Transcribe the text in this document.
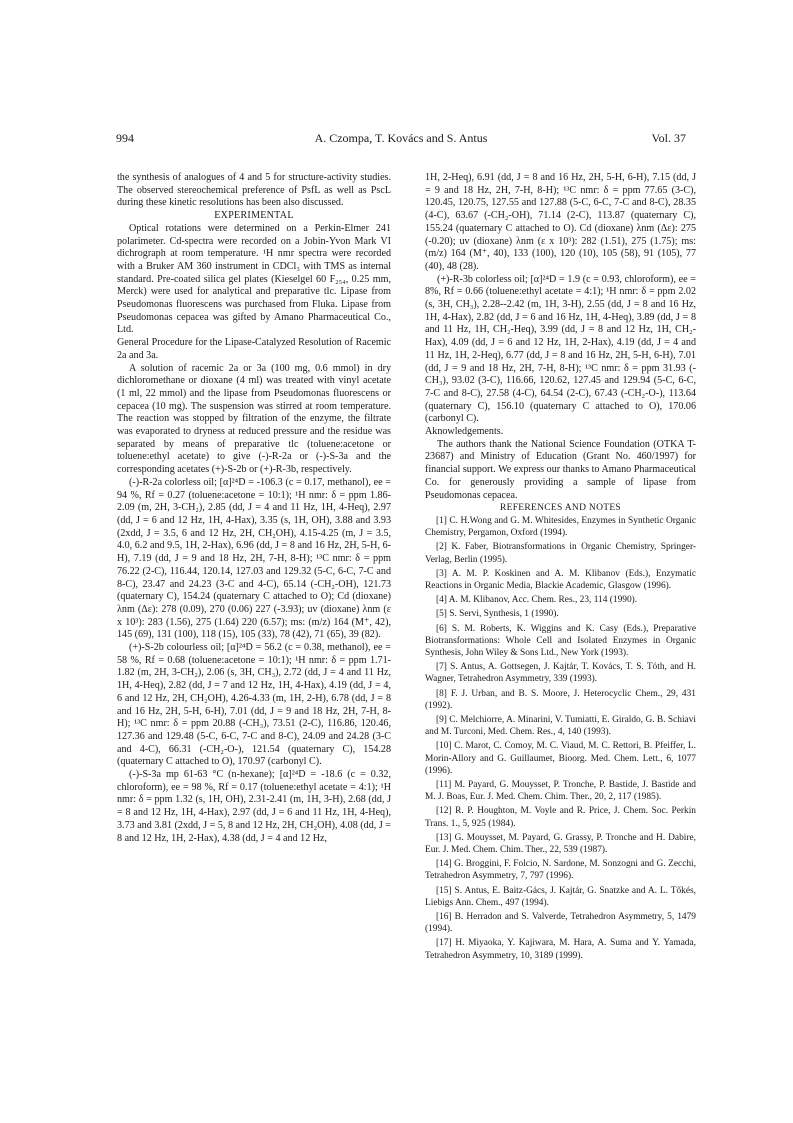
994	A. Czompa, T. Kovács and S. Antus	Vol. 37

the synthesis of analogues of 4 and 5 for structure-activity studies. The observed stereochemical preference of PsfL as well as PscL during these kinetic resolutions has been also discussed.

EXPERIMENTAL

Optical rotations were determined on a Perkin-Elmer 241 polarimeter. Cd-spectra were recorded on a Jobin-Yvon Mark VI dichrograph at room temperature. ¹H nmr spectra were recorded with a Bruker AM 360 instrument in CDCl₃ with TMS as internal standard. Pre-coated silica gel plates (Kieselgel 60 F₂₅₄, 0.25 mm, Merck) were used for analytical and preparative tlc. Lipase from Pseudomonas fluorescens was purchased from Fluka. Lipase from Pseudomonas cepacea was gifted by Amano Pharmaceutical Co., Ltd.

General Procedure for the Lipase-Catalyzed Resolution of Racemic 2a and 3a.

A solution of racemic 2a or 3a (100 mg, 0.6 mmol) in dry dichloromethane or dioxane (4 ml) was treated with vinyl acetate (1 ml, 22 mmol) and the lipase from Pseudomonas fluorescens or cepacea (10 mg). The suspension was stirred at room temperature. The reaction was stopped by filtration of the enzyme, the filtrate was evaporated to dryness at reduced pressure and the residue was separated by means of preparative tlc (toluene:acetone or toluene:ethyl acetate) to give (-)-R-2a or (-)-S-3a and the corresponding acetates (+)-S-2b or (+)-R-3b, respectively.

(-)-R-2a colorless oil; [α]²⁴D = -106.3 (c = 0.17, methanol), ee = 94 %, Rf = 0.27 (toluene:acetone = 10:1); ¹H nmr: δ = ppm 1.86-2.09 (m, 2H, 3-CH₂), 2.85 (dd, J = 4 and 11 Hz, 1H, 4-Heq), 2.97 (dd, J = 6 and 12 Hz, 1H, 4-Hax), 3.35 (s, 1H, OH), 3.88 and 3.93 (2xdd, J = 3.5, 6 and 12 Hz, 2H, CH₂OH), 4.15-4.25 (m, J = 3.5, 4.0, 6.2 and 9.5, 1H, 2-Hax), 6.96 (dd, J = 8 and 16 Hz, 2H, 5-H, 6-H), 7.19 (dd, J = 9 and 18 Hz, 2H, 7-H, 8-H); ¹³C nmr: δ = ppm 76.22 (2-C), 116.44, 120.14, 127.03 and 129.32 (5-C, 6-C, 7-C and 8-C), 23.47 and 24.23 (3-C and 4-C), 65.14 (-CH₂-OH), 121.73 (quaternary C), 154.24 (quaternary C attached to O); Cd (dioxane) λnm (Δε): 278 (0.09), 270 (0.06) 227 (-3.93); uv (dioxane) λnm (ε x 10³): 283 (1.56), 275 (1.64) 220 (6.57); ms: (m/z) 164 (M⁺, 42), 145 (69), 131 (100), 118 (15), 105 (33), 78 (42), 71 (65), 39 (82).

(+)-S-2b colourless oil; [α]²⁴D = 56.2 (c = 0.38, methanol), ee = 58 %, Rf = 0.68 (toluene:acetone = 10:1); ¹H nmr: δ = ppm 1.71-1.82 (m, 2H, 3-CH₂), 2.06 (s, 3H, CH₃), 2.72 (dd, J = 4 and 11 Hz, 1H, 4-Heq), 2.82 (dd, J = 7 and 12 Hz, 1H, 4-Hax), 4.19 (dd, J = 4, 6 and 12 Hz, 2H, CH₂OH), 4.26-4.33 (m, 1H, 2-H), 6.78 (dd, J = 8 and 16 Hz, 2H, 5-H, 6-H), 7.01 (dd, J = 9 and 18 Hz, 2H, 7-H, 8-H); ¹³C nmr: δ = ppm 20.88 (-CH₃), 73.51 (2-C), 116.86, 120.46, 127.36 and 129.48 (5-C, 6-C, 7-C and 8-C), 24.09 and 24.28 (3-C and 4-C), 66.31 (-CH₂-O-), 121.54 (quaternary C), 154.28 (quaternary C attached to O), 170.97 (carbonyl C).

(-)-S-3a mp 61-63 °C (n-hexane); [α]²⁴D = -18.6 (c = 0.32, chloroform), ee = 98 %, Rf = 0.17 (toluene:ethyl acetate = 4:1); ¹H nmr: δ = ppm 1.32 (s, 1H, OH), 2.31-2.41 (m, 1H, 3-H), 2.68 (dd, J = 8 and 12 Hz, 1H, 4-Hax), 2.97 (dd, J = 6 and 11 Hz, 1H, 4-Heq), 3.73 and 3.81 (2xdd, J = 5, 8 and 12 Hz, 2H, CH₂OH), 4.08 (dd, J = 8 and 12 Hz, 1H, 2-Hax), 4.38 (dd, J = 4 and 12 Hz,

1H, 2-Heq), 6.91 (dd, J = 8 and 16 Hz, 2H, 5-H, 6-H), 7.15 (dd, J = 9 and 18 Hz, 2H, 7-H, 8-H); ¹³C nmr: δ = ppm 77.65 (3-C), 120.45, 120.75, 127.55 and 127.88 (5-C, 6-C, 7-C and 8-C), 28.35 (4-C), 63.67 (-CH₂-OH), 71.14 (2-C), 113.87 (quaternary C), 155.24 (quaternary C attached to O). Cd (dioxane) λnm (Δε): 275 (-0.20); uv (dioxane) λnm (ε x 10³): 282 (1.51), 275 (1.75); ms: (m/z) 164 (M⁺, 40), 133 (100), 120 (10), 105 (58), 91 (105), 77 (40), 48 (28).

(+)-R-3b colorless oil; [α]²⁴D = 1.9 (c = 0.93, chloroform), ee = 8%, Rf = 0.66 (toluene:ethyl acetate = 4:1); ¹H nmr: δ = ppm 2.02 (s, 3H, CH₃), 2.28--2.42 (m, 1H, 3-H), 2.55 (dd, J = 8 and 16 Hz, 1H, 4-Hax), 2.82 (dd, J = 6 and 16 Hz, 1H, 4-Heq), 3.89 (dd, J = 8 and 11 Hz, 1H, CH₂-Heq), 3.99 (dd, J = 8 and 12 Hz, 1H, CH₂-Hax), 4.09 (dd, J = 6 and 12 Hz, 1H, 2-Hax), 4.19 (dd, J = 4 and 11 Hz, 1H, 2-Heq), 6.77 (dd, J = 8 and 16 Hz, 2H, 5-H, 6-H), 7.01 (dd, J = 9 and 18 Hz, 2H, 7-H, 8-H); ¹³C nmr: δ = ppm 31.93 (-CH₃), 93.02 (3-C), 116.66, 120.62, 127.45 and 129.94 (5-C, 6-C, 7-C and 8-C), 27.58 (4-C), 64.54 (2-C), 67.43 (-CH₂-O-), 113.64 (quaternary C), 156.10 (quaternary C attached to O), 170.06 (carbonyl C).

Aknowledgements.

The authors thank the National Science Foundation (OTKA T-23687) and Ministry of Education (Grant No. 460/1997) for financial support. We express our thanks to Amano Pharmaceutical Co. for generously providing a sample of lipase from Pseudomonas cepacea.

REFERENCES AND NOTES

[1] C. H.Wong and G. M. Whitesides, Enzymes in Synthetic Organic Chemistry, Pergamon, Oxford (1994).

[2] K. Faber, Biotransformations in Organic Chemistry, Springer-Verlag, Berlin (1995).

[3] A. M. P. Koskinen and A. M. Klibanov (Eds.), Enzymatic Reactions in Organic Media, Blackie Academic, Glasgow (1996).

[4] A. M. Klibanov, Acc. Chem. Res., 23, 114 (1990).

[5] S. Servi, Synthesis, 1 (1990).

[6] S. M. Roberts, K. Wiggins and K. Casy (Eds.), Preparative Biotransformations: Whole Cell and Isolated Enzymes in Organic Synthesis, John Wiley & Sons Ltd., New York (1993).

[7] S. Antus, A. Gottsegen, J. Kajtár, T. Kovács, T. S. Tóth, and H. Wagner, Tetrahedron Asymmetry, 339 (1993).

[8] F. J. Urban, and B. S. Moore, J. Heterocyclic Chem., 29, 431 (1992).

[9] C. Melchiorre, A. Minarini, V. Tumiatti, E. Giraldo, G. B. Schiavi and M. Turconi, Med. Chem. Res., 4, 140 (1993).

[10] C. Marot, C. Comoy, M. C. Viaud, M. C. Rettori, B. Pfeiffer, L. Morin-Allory and G. Guillaumet, Bioorg. Med. Chem. Lett., 6, 1077 (1996).

[11] M. Payard, G. Mouysset, P. Tronche, P. Bastide, J. Bastide and M. J. Boas, Eur. J. Med. Chem. Chim. Ther., 20, 2, 117 (1985).

[12] R. P. Houghton, M. Voyle and R. Price, J. Chem. Soc. Perkin Trans. 1., 5, 925 (1984).

[13] G. Mouysset, M. Payard, G. Grassy, P. Tronche and H. Dabire, Eur. J. Med. Chem. Chim. Ther., 22, 539 (1987).

[14] G. Broggini, F. Folcio, N. Sardone, M. Sonzogni and G. Zecchi, Tetrahedron Asymmetry, 7, 797 (1996).

[15] S. Antus, E. Baitz-Gács, J. Kajtár, G. Snatzke and A. L. Tőkés, Liebigs Ann. Chem., 497 (1994).

[16] B. Herradon and S. Valverde, Tetrahedron Asymmetry, 5, 1479 (1994).

[17] H. Miyaoka, Y. Kajiwara, M. Hara, A. Suma and Y. Yamada, Tetrahedron Asymmetry, 10, 3189 (1999).
